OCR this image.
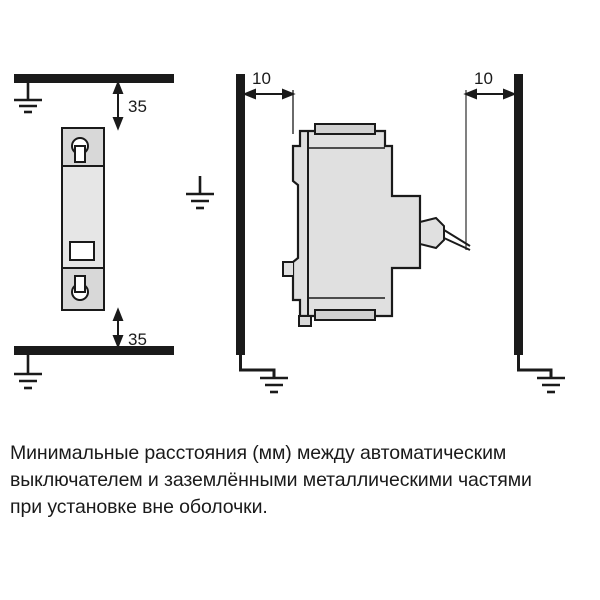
35
35
10	10
Минимальные расстояния (мм) между автоматическим
выключателем и заземлёнными металлическими частями
при установке вне оболочки.
